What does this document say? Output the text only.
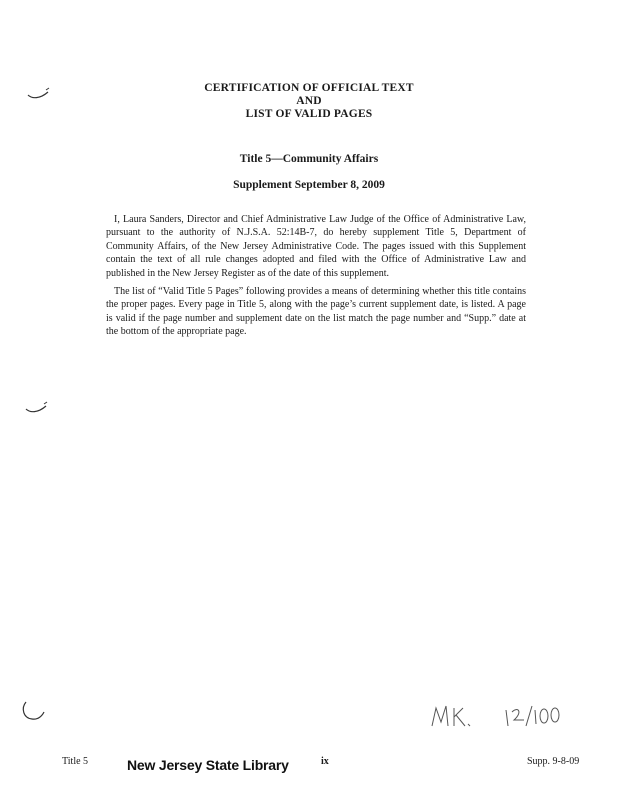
CERTIFICATION OF OFFICIAL TEXT
AND
LIST OF VALID PAGES
Title 5—Community Affairs
Supplement September 8, 2009

I, Laura Sanders, Director and Chief Administrative Law Judge of the Office of Administrative Law, pursuant to the authority of N.J.S.A. 52:14B-7, do hereby supplement Title 5, Department of Community Affairs, of the New Jersey Administrative Code. The pages issued with this Supplement contain the text of all rule changes adopted and filed with the Office of Administrative Law and published in the New Jersey Register as of the date of this supplement.

The list of “Valid Title 5 Pages” following provides a means of determining whether this title contains the proper pages. Every page in Title 5, along with the page’s current supplement date, is listed. A page is valid if the page number and supplement date on the list match the page number and “Supp.” date at the bottom of the appropriate page.

Title 5	New Jersey State Library	ix	Supp. 9-8-09
